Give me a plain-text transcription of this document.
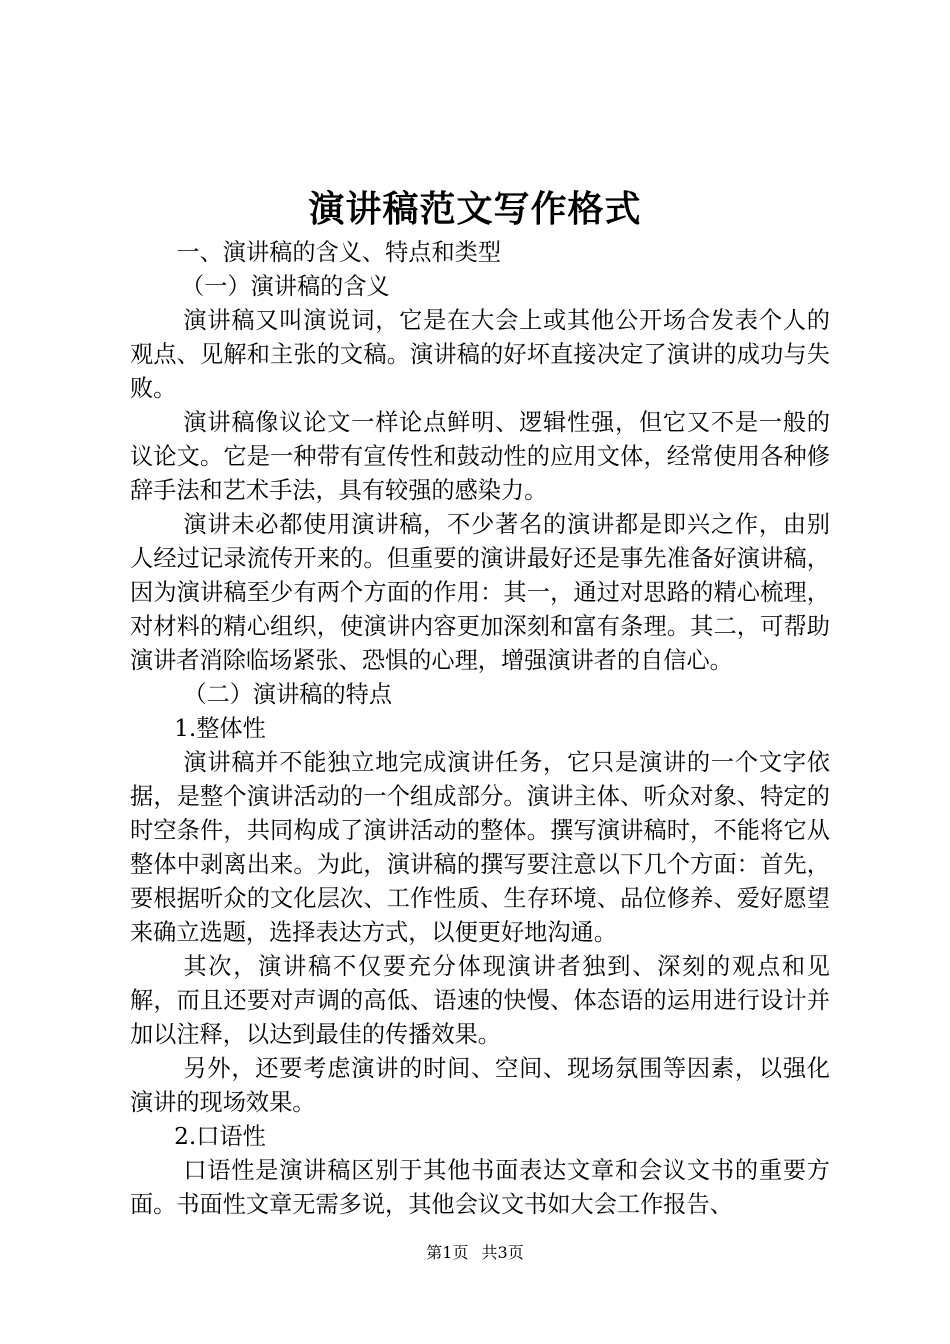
演讲稿范文写作格式

一、演讲稿的含义、特点和类型

（一）演讲稿的含义

演讲稿又叫演说词，它是在大会上或其他公开场合发表个人的观点、见解和主张的文稿。演讲稿的好坏直接决定了演讲的成功与失败。

演讲稿像议论文一样论点鲜明、逻辑性强，但它又不是一般的议论文。它是一种带有宣传性和鼓动性的应用文体，经常使用各种修辞手法和艺术手法，具有较强的感染力。

演讲未必都使用演讲稿，不少著名的演讲都是即兴之作，由别人经过记录流传开来的。但重要的演讲最好还是事先准备好演讲稿，因为演讲稿至少有两个方面的作用：其一，通过对思路的精心梳理，对材料的精心组织，使演讲内容更加深刻和富有条理。其二，可帮助演讲者消除临场紧张、恐惧的心理，增强演讲者的自信心。

（二）演讲稿的特点

1.整体性

演讲稿并不能独立地完成演讲任务，它只是演讲的一个文字依据，是整个演讲活动的一个组成部分。演讲主体、听众对象、特定的时空条件，共同构成了演讲活动的整体。撰写演讲稿时，不能将它从整体中剥离出来。为此，演讲稿的撰写要注意以下几个方面：首先，要根据听众的文化层次、工作性质、生存环境、品位修养、爱好愿望来确立选题，选择表达方式，以便更好地沟通。

其次，演讲稿不仅要充分体现演讲者独到、深刻的观点和见解，而且还要对声调的高低、语速的快慢、体态语的运用进行设计并加以注释，以达到最佳的传播效果。

另外，还要考虑演讲的时间、空间、现场氛围等因素，以强化演讲的现场效果。

2.口语性

口语性是演讲稿区别于其他书面表达文章和会议文书的重要方面。书面性文章无需多说，其他会议文书如大会工作报告、

第1页 共3页
